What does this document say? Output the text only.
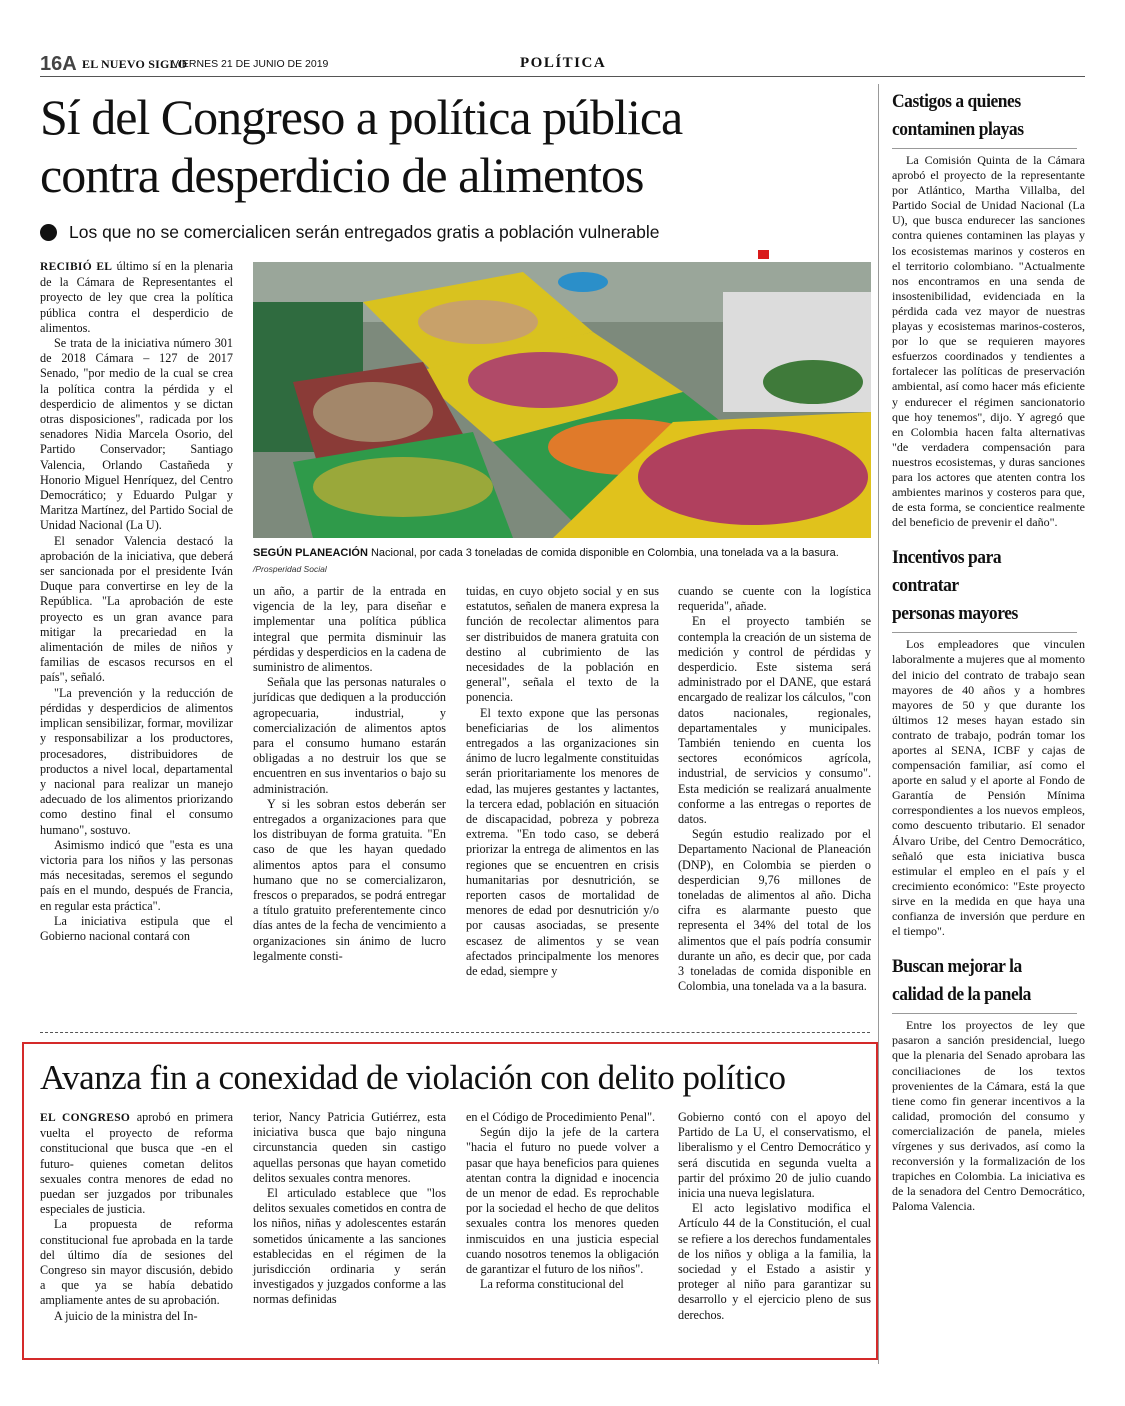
16A EL NUEVO SIGLO
VIERNES 21 DE JUNIO DE 2019	POLÍTICA
Sí del Congreso a política pública
contra desperdicio de alimentos
Los que no se comercialicen serán entregados gratis a población vulnerable

RECIBIÓ EL último sí en la plenaria de la Cámara de Representantes el proyecto de ley que crea la política pública contra el desperdicio de alimentos.

Se trata de la iniciativa número 301 de 2018 Cámara – 127 de 2017 Senado, "por medio de la cual se crea la política contra la pérdida y el desperdicio de alimentos y se dictan otras disposiciones", radicada por los senadores Nidia Marcela Osorio, del Partido Conservador; Santiago Valencia, Orlando Castañeda y Honorio Miguel Henríquez, del Centro Democrático; y Eduardo Pulgar y Maritza Martínez, del Partido Social de Unidad Nacional (La U).

El senador Valencia destacó la aprobación de la iniciativa, que deberá ser sancionada por el presidente Iván Duque para convertirse en ley de la República. "La aprobación de este proyecto es un gran avance para mitigar la precariedad en la alimentación de miles de niños y familias de escasos recursos en el país", señaló.

"La prevención y la reducción de pérdidas y desperdicios de alimentos implican sensibilizar, formar, movilizar y responsabilizar a los productores, procesadores, distribuidores de productos a nivel local, departamental y nacional para realizar un manejo adecuado de los alimentos priorizando como destino final el consumo humano", sostuvo.

Asimismo indicó que "esta es una victoria para los niños y las personas más necesitadas, seremos el segundo país en el mundo, después de Francia, en regular esta práctica".

La iniciativa estipula que el Gobierno nacional contará con

SEGÚN PLANEACIÓN Nacional, por cada 3 toneladas de comida disponible en Colombia, una tonelada va a la basura.
/Prosperidad Social

un año, a partir de la entrada en vigencia de la ley, para diseñar e implementar una política pública integral que permita disminuir las pérdidas y desperdicios en la cadena de suministro de alimentos.

Señala que las personas naturales o jurídicas que dediquen a la producción agropecuaria, industrial, y comercialización de alimentos aptos para el consumo humano estarán obligadas a no destruir los que se encuentren en sus inventarios o bajo su administración.

Y si les sobran estos deberán ser entregados a organizaciones para que los distribuyan de forma gratuita. "En caso de que les hayan quedado alimentos aptos para el consumo humano que no se comercializaron, frescos o preparados, se podrá entregar a título gratuito preferentemente cinco días antes de la fecha de vencimiento a organizaciones sin ánimo de lucro legalmente consti-

tuidas, en cuyo objeto social y en sus estatutos, señalen de manera expresa la función de recolectar alimentos para ser distribuidos de manera gratuita con destino al cubrimiento de las necesidades de la población en general", señala el texto de la ponencia.

El texto expone que las personas beneficiarias de los alimentos entregados a las organizaciones sin ánimo de lucro legalmente constituidas serán prioritariamente los menores de edad, las mujeres gestantes y lactantes, la tercera edad, población en situación de discapacidad, pobreza y pobreza extrema. "En todo caso, se deberá priorizar la entrega de alimentos en las regiones que se encuentren en crisis humanitarias por desnutrición, se reporten casos de mortalidad de menores de edad por desnutrición y/o por causas asociadas, se presente escasez de alimentos y se vean afectados principalmente los menores de edad, siempre y

cuando se cuente con la logística requerida", añade.

En el proyecto también se contempla la creación de un sistema de medición y control de pérdidas y desperdicio. Este sistema será administrado por el DANE, que estará encargado de realizar los cálculos, "con datos nacionales, regionales, departamentales y municipales. También teniendo en cuenta los sectores económicos agrícola, industrial, de servicios y consumo". Esta medición se realizará anualmente conforme a las entregas o reportes de datos.

Según estudio realizado por el Departamento Nacional de Planeación (DNP), en Colombia se pierden o desperdician 9,76 millones de toneladas de alimentos al año. Dicha cifra es alarmante puesto que representa el 34% del total de los alimentos que el país podría consumir durante un año, es decir que, por cada 3 toneladas de comida disponible en Colombia, una tonelada va a la basura.

Avanza fin a conexidad de violación con delito político

EL CONGRESO aprobó en primera vuelta el proyecto de reforma constitucional que busca que -en el futuro- quienes cometan delitos sexuales contra menores de edad no puedan ser juzgados por tribunales especiales de justicia.

La propuesta de reforma constitucional fue aprobada en la tarde del último día de sesiones del Congreso sin mayor discusión, debido a que ya se había debatido ampliamente antes de su aprobación.

A juicio de la ministra del In-

terior, Nancy Patricia Gutiérrez, esta iniciativa busca que bajo ninguna circunstancia queden sin castigo aquellas personas que hayan cometido delitos sexuales contra menores.

El articulado establece que "los delitos sexuales cometidos en contra de los niños, niñas y adolescentes estarán sometidos únicamente a las sanciones establecidas en el régimen de la jurisdicción ordinaria y serán investigados y juzgados conforme a las normas definidas

en el Código de Procedimiento Penal".

Según dijo la jefe de la cartera "hacia el futuro no puede volver a pasar que haya beneficios para quienes atentan contra la dignidad e inocencia de un menor de edad. Es reprochable por la sociedad el hecho de que delitos sexuales contra los menores queden inmiscuidos en una justicia especial cuando nosotros tenemos la obligación de garantizar el futuro de los niños".

La reforma constitucional del

Gobierno contó con el apoyo del Partido de La U, el conservatismo, el liberalismo y el Centro Democrático y será discutida en segunda vuelta a partir del próximo 20 de julio cuando inicia una nueva legislatura.

El acto legislativo modifica el Artículo 44 de la Constitución, el cual se refiere a los derechos fundamentales de los niños y obliga a la familia, la sociedad y el Estado a asistir y proteger al niño para garantizar su desarrollo y el ejercicio pleno de sus derechos.

Castigos a quienes
contaminen playas

La Comisión Quinta de la Cámara aprobó el proyecto de la representante por Atlántico, Martha Villalba, del Partido Social de Unidad Nacional (La U), que busca endurecer las sanciones contra quienes contaminen las playas y los ecosistemas marinos y costeros en el territorio colombiano. "Actualmente nos encontramos en una senda de insostenibilidad, evidenciada en la pérdida cada vez mayor de nuestras playas y ecosistemas marinos-costeros, por lo que se requieren mayores esfuerzos coordinados y tendientes a fortalecer las políticas de preservación ambiental, así como hacer más eficiente y endurecer el régimen sancionatorio que hoy tenemos", dijo. Y agregó que en Colombia hacen falta alternativas "de verdadera compensación para nuestros ecosistemas, y duras sanciones para los actores que atenten contra los ambientes marinos y costeros para que, de esta forma, se concientice realmente del beneficio de prevenir el daño".

Incentivos para contratar
personas mayores

Los empleadores que vinculen laboralmente a mujeres que al momento del inicio del contrato de trabajo sean mayores de 40 años y a hombres mayores de 50 y que durante los últimos 12 meses hayan estado sin contrato de trabajo, podrán tomar los aportes al SENA, ICBF y cajas de compensación familiar, así como el aporte en salud y el aporte al Fondo de Garantía de Pensión Mínima correspondientes a los nuevos empleos, como descuento tributario. El senador Álvaro Uribe, del Centro Democrático, señaló que esta iniciativa busca estimular el empleo en el país y el crecimiento económico: "Este proyecto sirve en la medida en que haya una confianza de inversión que perdure en el tiempo".

Buscan mejorar la
calidad de la panela

Entre los proyectos de ley que pasaron a sanción presidencial, luego que la plenaria del Senado aprobara las conciliaciones de los textos provenientes de la Cámara, está la que tiene como fin generar incentivos a la calidad, promoción del consumo y comercialización de panela, mieles vírgenes y sus derivados, así como la reconversión y la formalización de los trapiches en Colombia. La iniciativa es de la senadora del Centro Democrático, Paloma Valencia.
